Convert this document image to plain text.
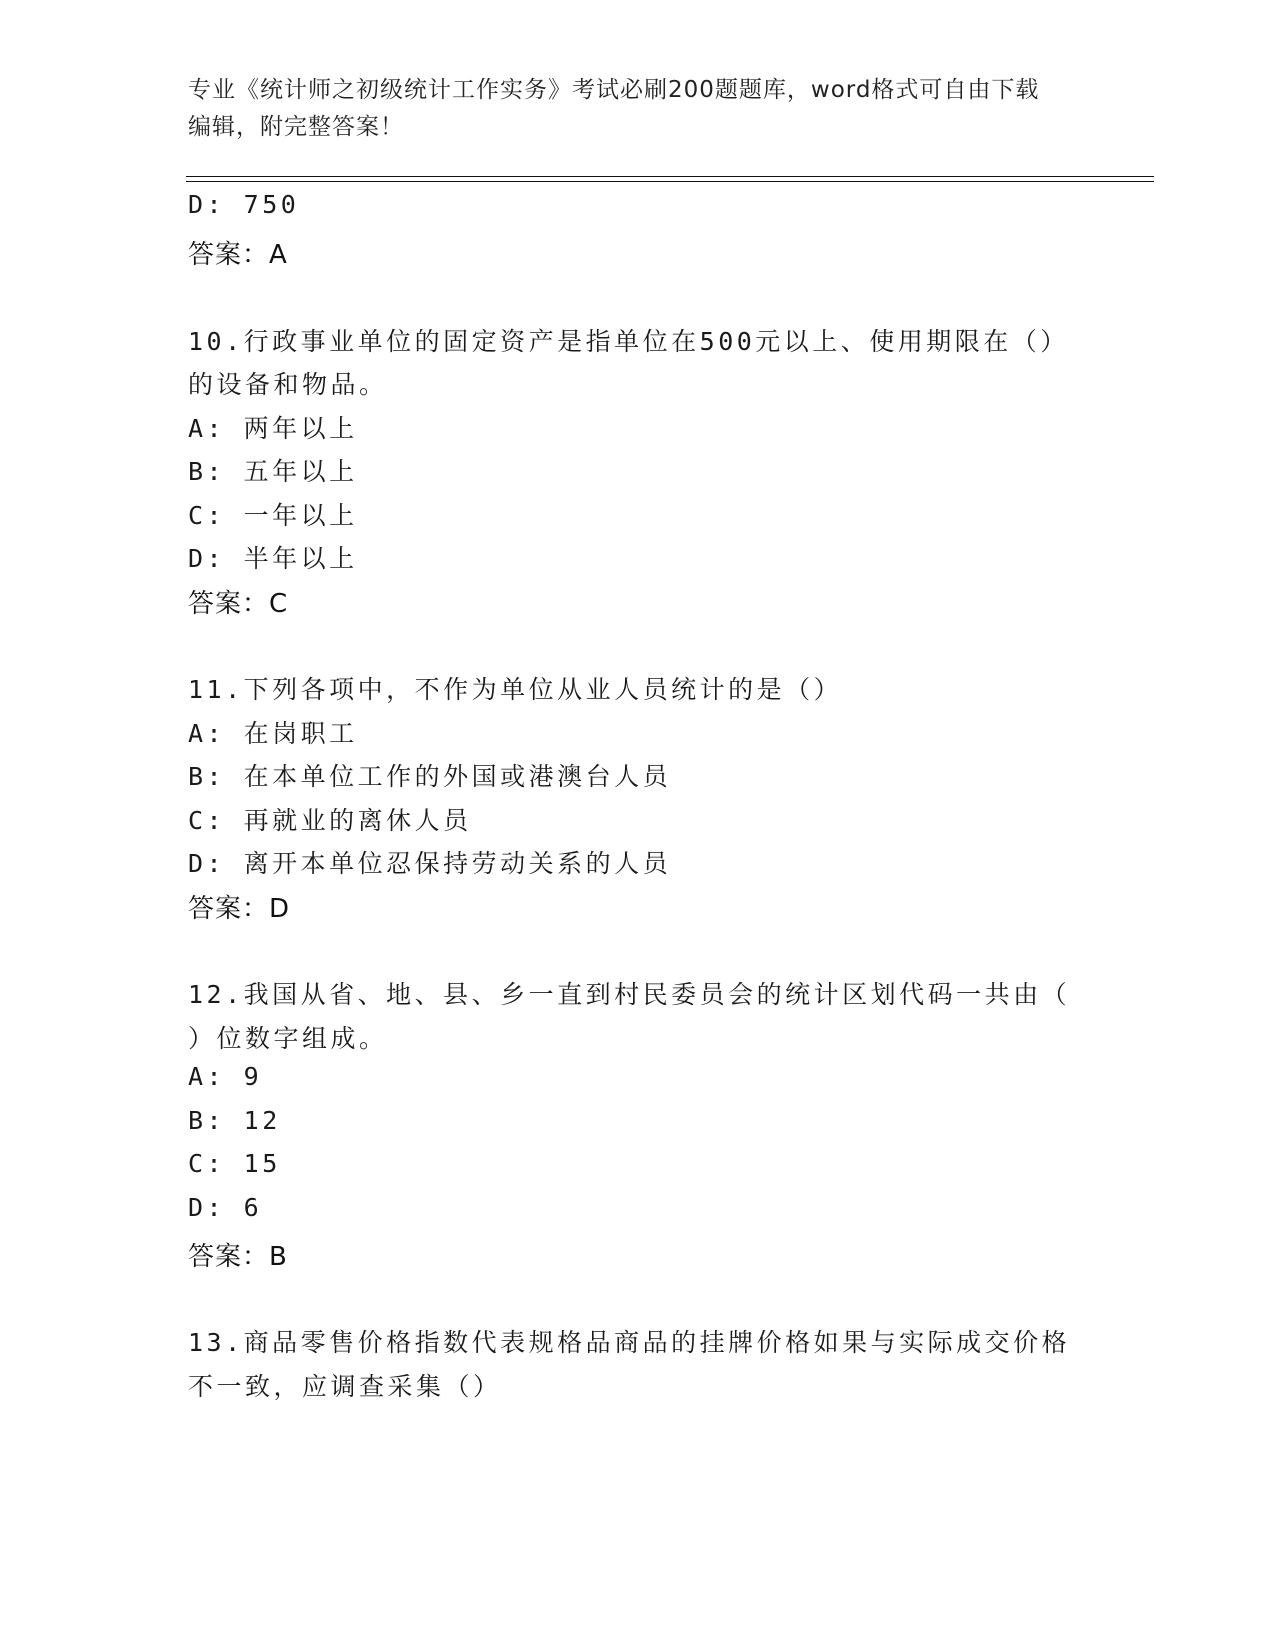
专业《统计师之初级统计工作实务》考试必刷200题题库，word格式可自由下载
编辑，附完整答案！
D: 750
答案：A
10.行政事业单位的固定资产是指单位在500元以上、使用期限在（）
的设备和物品。
A: 两年以上
B: 五年以上
C: 一年以上
D: 半年以上
答案：C
11.下列各项中，不作为单位从业人员统计的是（）
A: 在岗职工
B: 在本单位工作的外国或港澳台人员
C: 再就业的离休人员
D: 离开本单位忍保持劳动关系的人员
答案：D
12.我国从省、地、县、乡一直到村民委员会的统计区划代码一共由（
）位数字组成。
A: 9
B: 12
C: 15
D: 6
答案：B
13.商品零售价格指数代表规格品商品的挂牌价格如果与实际成交价格
不一致，应调查采集（）
